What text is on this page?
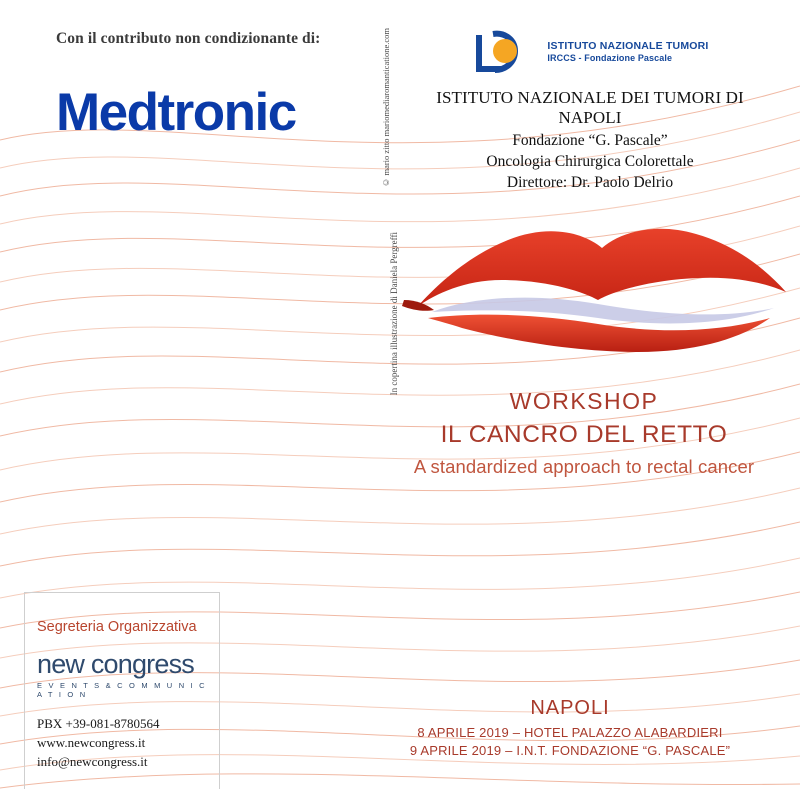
Con il contributo non condizionante di:
Medtronic	© mario zitto mariomediaromanticatione.com
In copertina illustrazione di Daniela Pergreffi
ISTITUTO NAZIONALE TUMORI
IRCCS - Fondazione Pascale
ISTITUTO NAZIONALE DEI TUMORI DI NAPOLI
Fondazione “G. Pascale”
Oncologia Chirurgica Colorettale
Direttore: Dr. Paolo Delrio
WORKSHOP
IL CANCRO DEL RETTO
A standardized approach to rectal cancer
Segreteria Organizzativa
new congress
E V E N T S & C O M M U N I C A T I O N
PBX +39-081-8780564
www.newcongress.it
info@newcongress.it
NAPOLI
8 APRILE 2019 – HOTEL PALAZZO ALABARDIERI
9 APRILE 2019 – I.N.T. FONDAZIONE “G. PASCALE”
